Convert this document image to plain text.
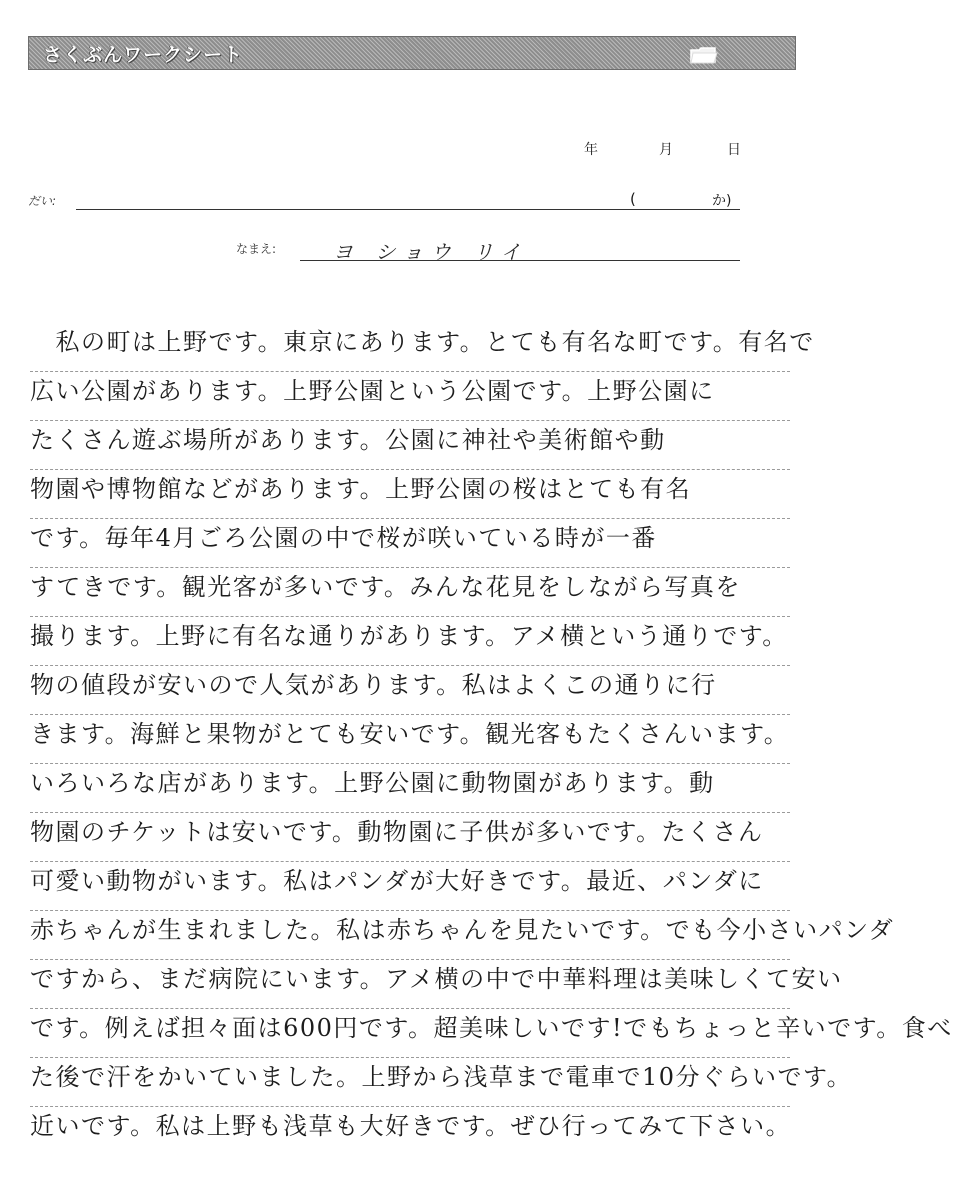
さくぶんワークシート
年	月	日
だい:	(	か)
なまえ:	ヨ ショウ リイ
　私の町は上野です。東京にあります。とても有名な町です。有名で
広い公園があります。上野公園という公園です。上野公園に
たくさん遊ぶ場所があります。公園に神社や美術館や動
物園や博物館などがあります。上野公園の桜はとても有名
です。毎年4月ごろ公園の中で桜が咲いている時が一番
すてきです。観光客が多いです。みんな花見をしながら写真を
撮ります。上野に有名な通りがあります。アメ横という通りです。
物の値段が安いので人気があります。私はよくこの通りに行
きます。海鮮と果物がとても安いです。観光客もたくさんいます。
いろいろな店があります。上野公園に動物園があります。動
物園のチケットは安いです。動物園に子供が多いです。たくさん
可愛い動物がいます。私はパンダが大好きです。最近、パンダに
赤ちゃんが生まれました。私は赤ちゃんを見たいです。でも今小さいパンダ
ですから、まだ病院にいます。アメ横の中で中華料理は美味しくて安い
です。例えば担々面は600円です。超美味しいです!でもちょっと辛いです。食べ
た後で汗をかいていました。上野から浅草まで電車で10分ぐらいです。
近いです。私は上野も浅草も大好きです。ぜひ行ってみて下さい。
